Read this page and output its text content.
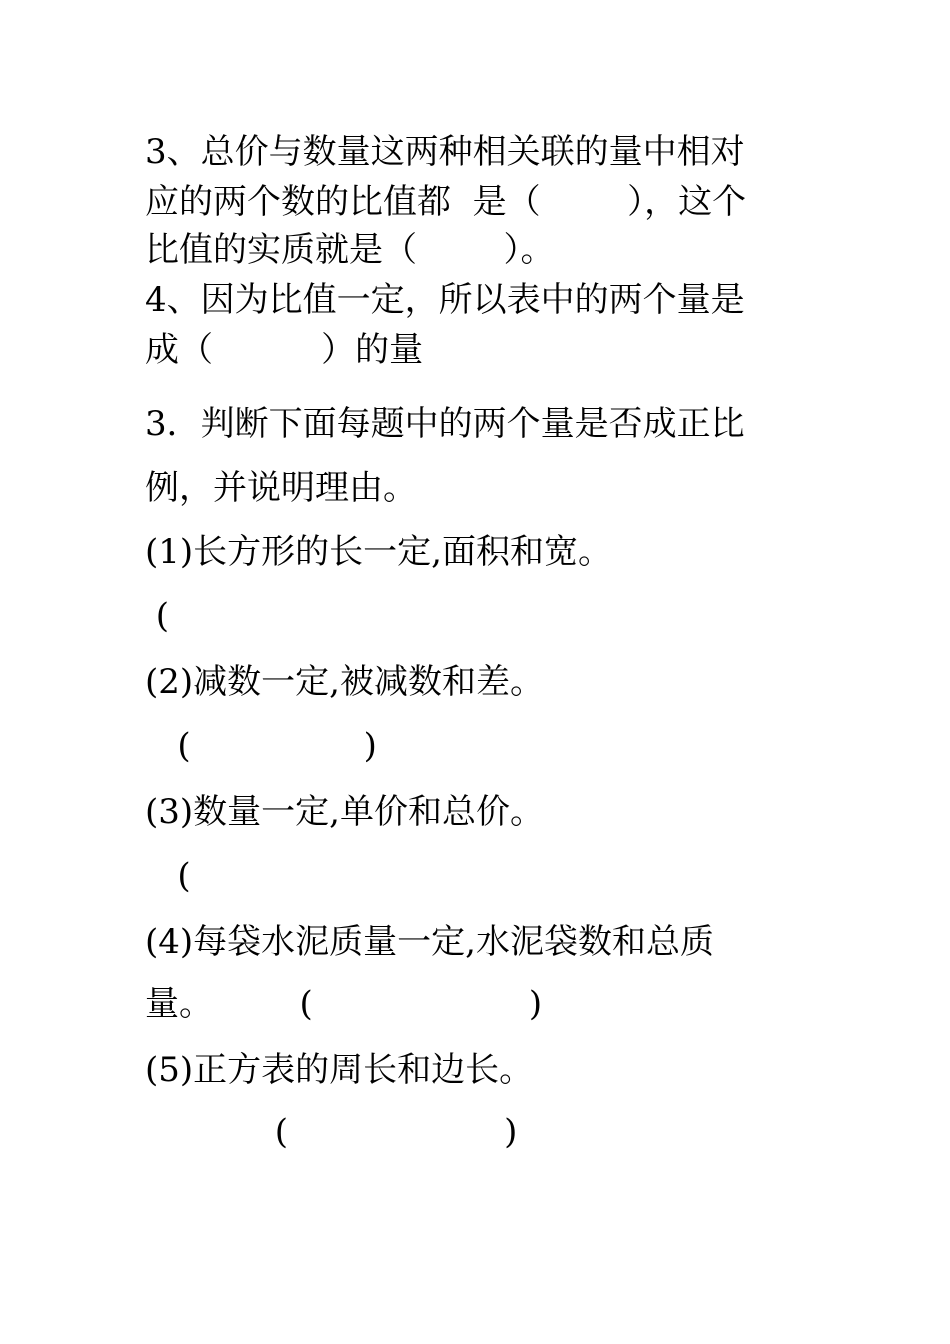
3、总价与数量这两种相关联的量中相对

应的两个数的比值都  是（        ），这个

比值的实质就是（        ）。

4、因为比值一定，所以表中的两个量是

成（          ）的量

3．判断下面每题中的两个量是否成正比

例，并说明理由。

(1)长方形的长一定,面积和宽。

(

(2)减数一定,被减数和差。

(                )

(3)数量一定,单价和总价。

(

(4)每袋水泥质量一定,水泥袋数和总质

量。        (                    )

(5)正方表的周长和边长。

(                    )
